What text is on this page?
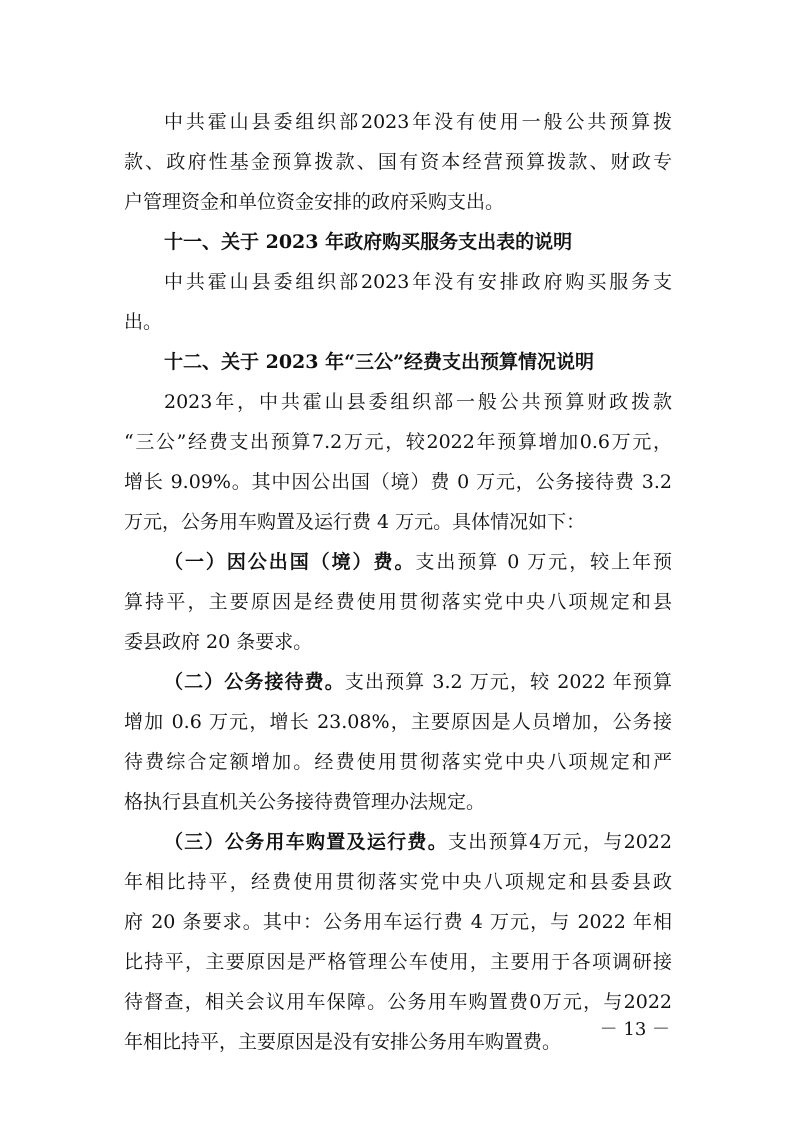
中共霍山县委组织部2023年没有使用一般公共预算拨
款、政府性基金预算拨款、国有资本经营预算拨款、财政专
户管理资金和单位资金安排的政府采购支出。
十一、关于 2023 年政府购买服务支出表的说明
中共霍山县委组织部2023年没有安排政府购买服务支
出。
十二、关于 2023 年“三公”经费支出预算情况说明
2023年，中共霍山县委组织部一般公共预算财政拨款
“三公”经费支出预算7.2万元，较2022年预算增加0.6万元，
增长 9.09%。其中因公出国（境）费 0 万元，公务接待费 3.2
万元，公务用车购置及运行费 4 万元。具体情况如下：
（一）因公出国（境）费。支出预算 0 万元，较上年预
算持平，主要原因是经费使用贯彻落实党中央八项规定和县
委县政府 20 条要求。
（二）公务接待费。支出预算 3.2 万元，较 2022 年预算
增加 0.6 万元，增长 23.08%，主要原因是人员增加，公务接
待费综合定额增加。经费使用贯彻落实党中央八项规定和严
格执行县直机关公务接待费管理办法规定。
（三）公务用车购置及运行费。支出预算4万元，与2022
年相比持平，经费使用贯彻落实党中央八项规定和县委县政
府 20 条要求。其中：公务用车运行费 4 万元，与 2022 年相
比持平，主要原因是严格管理公车使用，主要用于各项调研接
待督查，相关会议用车保障。公务用车购置费0万元，与2022
年相比持平，主要原因是没有安排公务用车购置费。
－ 13 －
